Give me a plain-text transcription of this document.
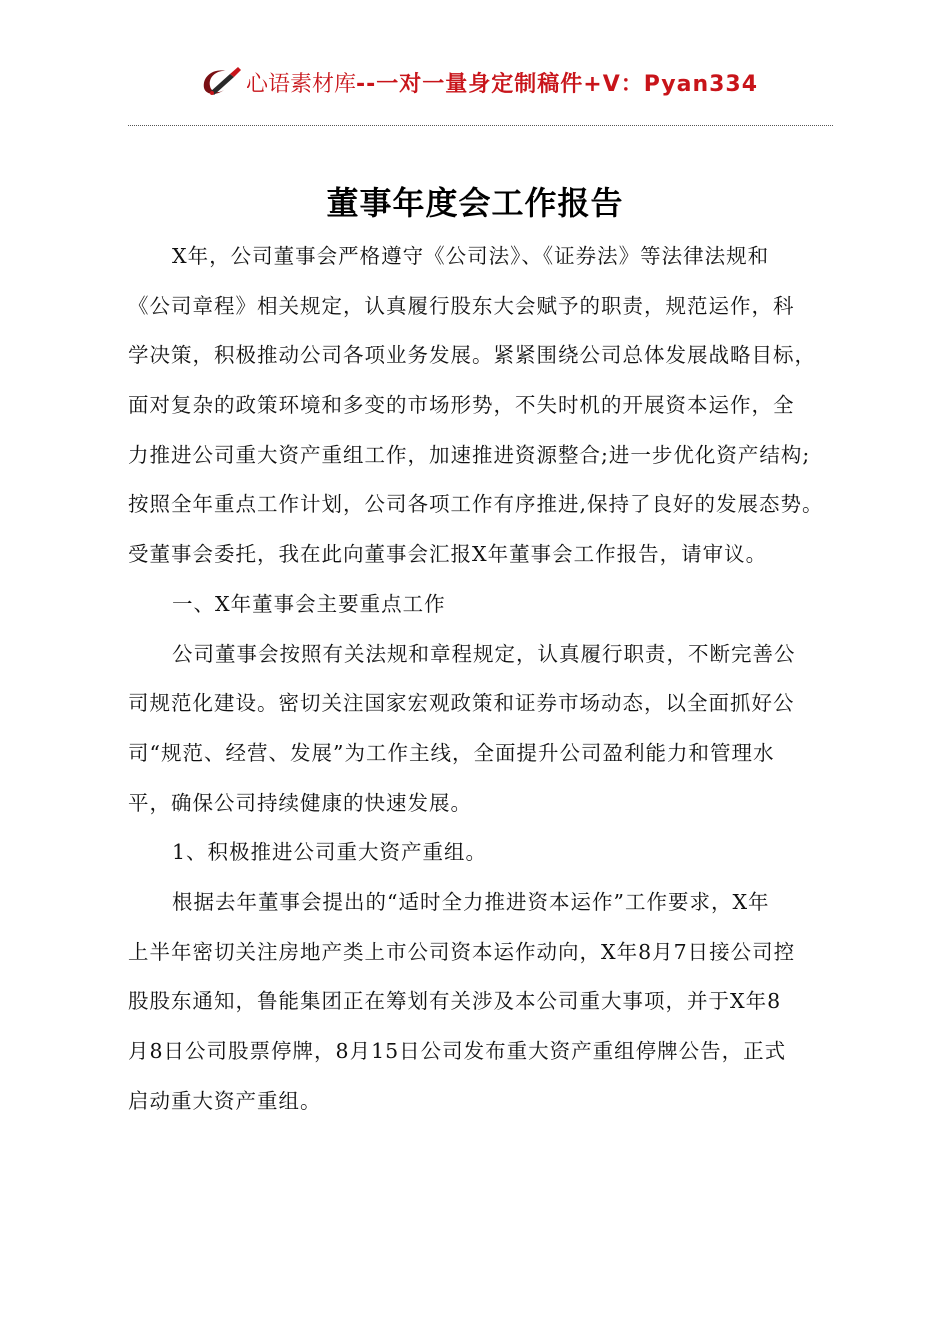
心语素材库 --一对一量身定制稿件+V：Pyan334
董事年度会工作报告
X年，公司董事会严格遵守《公司法》、《证券法》等法律法规和
《公司章程》相关规定，认真履行股东大会赋予的职责，规范运作，科
学决策，积极推动公司各项业务发展。紧紧围绕公司总体发展战略目标，
面对复杂的政策环境和多变的市场形势，不失时机的开展资本运作，全
力推进公司重大资产重组工作，加速推进资源整合;进一步优化资产结构;
按照全年重点工作计划，公司各项工作有序推进,保持了良好的发展态势。
受董事会委托，我在此向董事会汇报X年董事会工作报告，请审议。
一、X年董事会主要重点工作
公司董事会按照有关法规和章程规定，认真履行职责，不断完善公
司规范化建设。密切关注国家宏观政策和证券市场动态，以全面抓好公
司“规范、经营、发展”为工作主线，全面提升公司盈利能力和管理水
平，确保公司持续健康的快速发展。
1、积极推进公司重大资产重组。
根据去年董事会提出的“适时全力推进资本运作”工作要求，X年
上半年密切关注房地产类上市公司资本运作动向，X年8月7日接公司控
股股东通知，鲁能集团正在筹划有关涉及本公司重大事项，并于X年8
月8日公司股票停牌，8月15日公司发布重大资产重组停牌公告，正式
启动重大资产重组。
